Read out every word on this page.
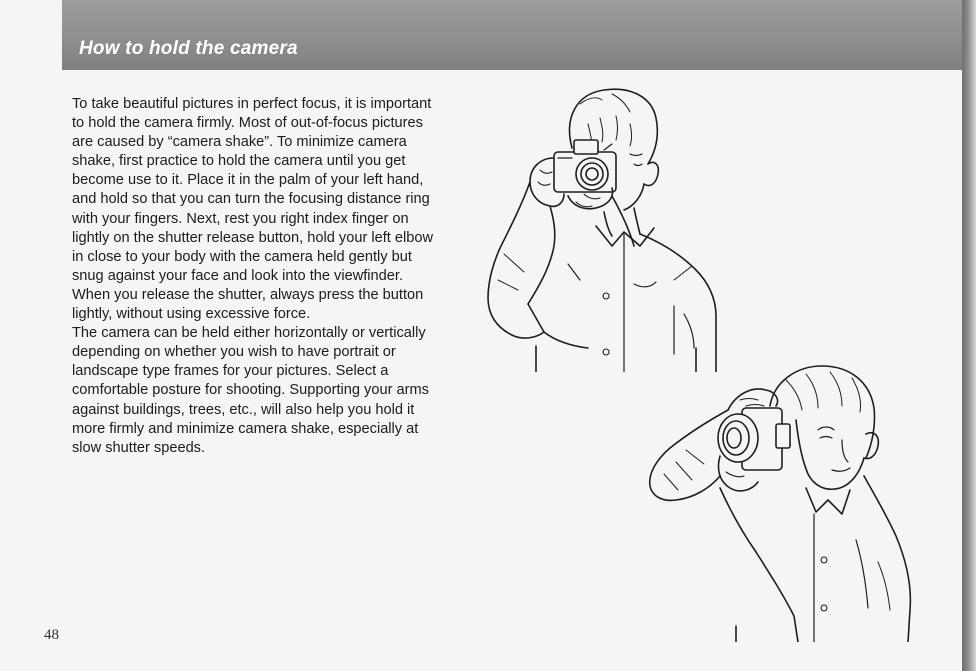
How to hold the camera
To take beautiful pictures in perfect focus, it is important
to hold the camera firmly. Most of out-of-focus pictures
are caused by “camera shake”. To minimize camera
shake, first practice to hold the camera until you get
become use to it. Place it in the palm of your left hand,
and hold so that you can turn the focusing distance ring
with your fingers. Next, rest you right index finger on
lightly on the shutter release button, hold your left elbow
in close to your body with the camera held gently but
snug against your face and look into the viewfinder.
When you release the shutter, always press the button
lightly, without using excessive force.
The camera can be held either horizontally or vertically
depending on whether you wish to have portrait or
landscape type frames for your pictures. Select a
comfortable posture for shooting. Supporting your arms
against buildings, trees, etc., will also help you hold it
more firmly and minimize camera shake, especially at
slow shutter speeds.

48
